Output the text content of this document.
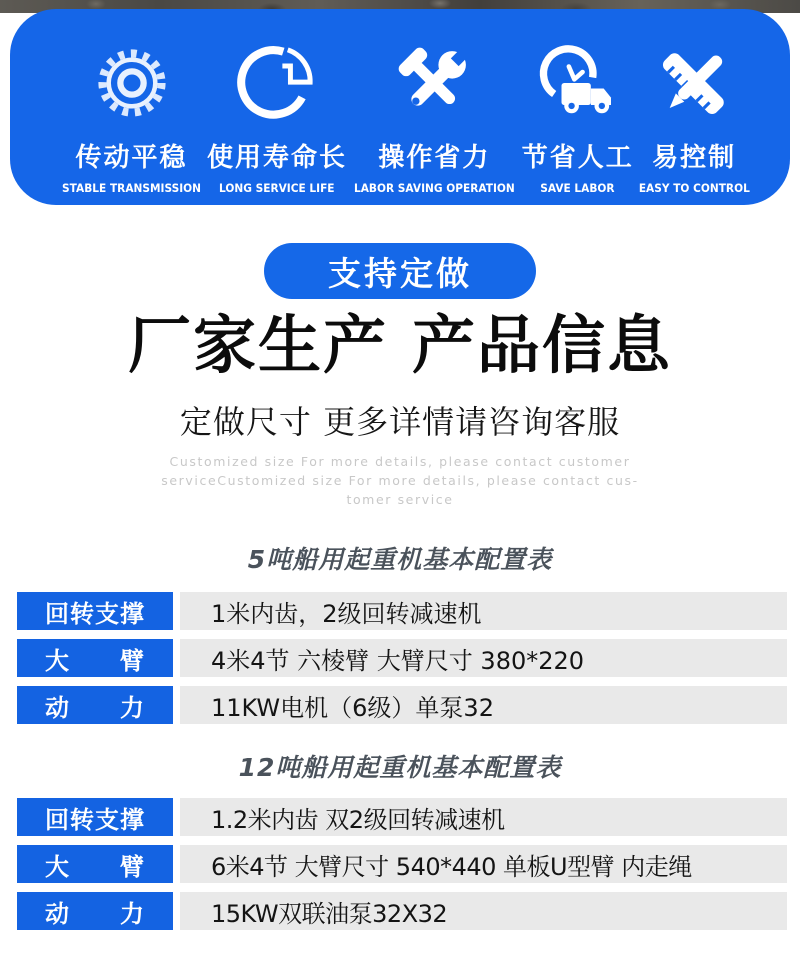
传动平稳
STABLE TRANSMISSION
使用寿命长
LONG SERVICE LIFE
操作省力
LABOR SAVING OPERATION
节省人工
SAVE LABOR
易控制
EASY TO CONTROL
支持定做
厂家生产 产品信息
定做尺寸 更多详情请咨询客服
Customized size For more details, please contact customer
serviceCustomized size For more details, please contact cus-
tomer service
5吨船用起重机基本配置表
回转支撑	1米内齿，2级回转减速机
大　　臂	4米4节 六棱臂 大臂尺寸 380*220
动　　力	11KW电机（6级）单泵32
12吨船用起重机基本配置表
回转支撑	1.2米内齿 双2级回转减速机
大　　臂	6米4节 大臂尺寸 540*440 单板U型臂 内走绳
动　　力	15KW双联油泵32X32
